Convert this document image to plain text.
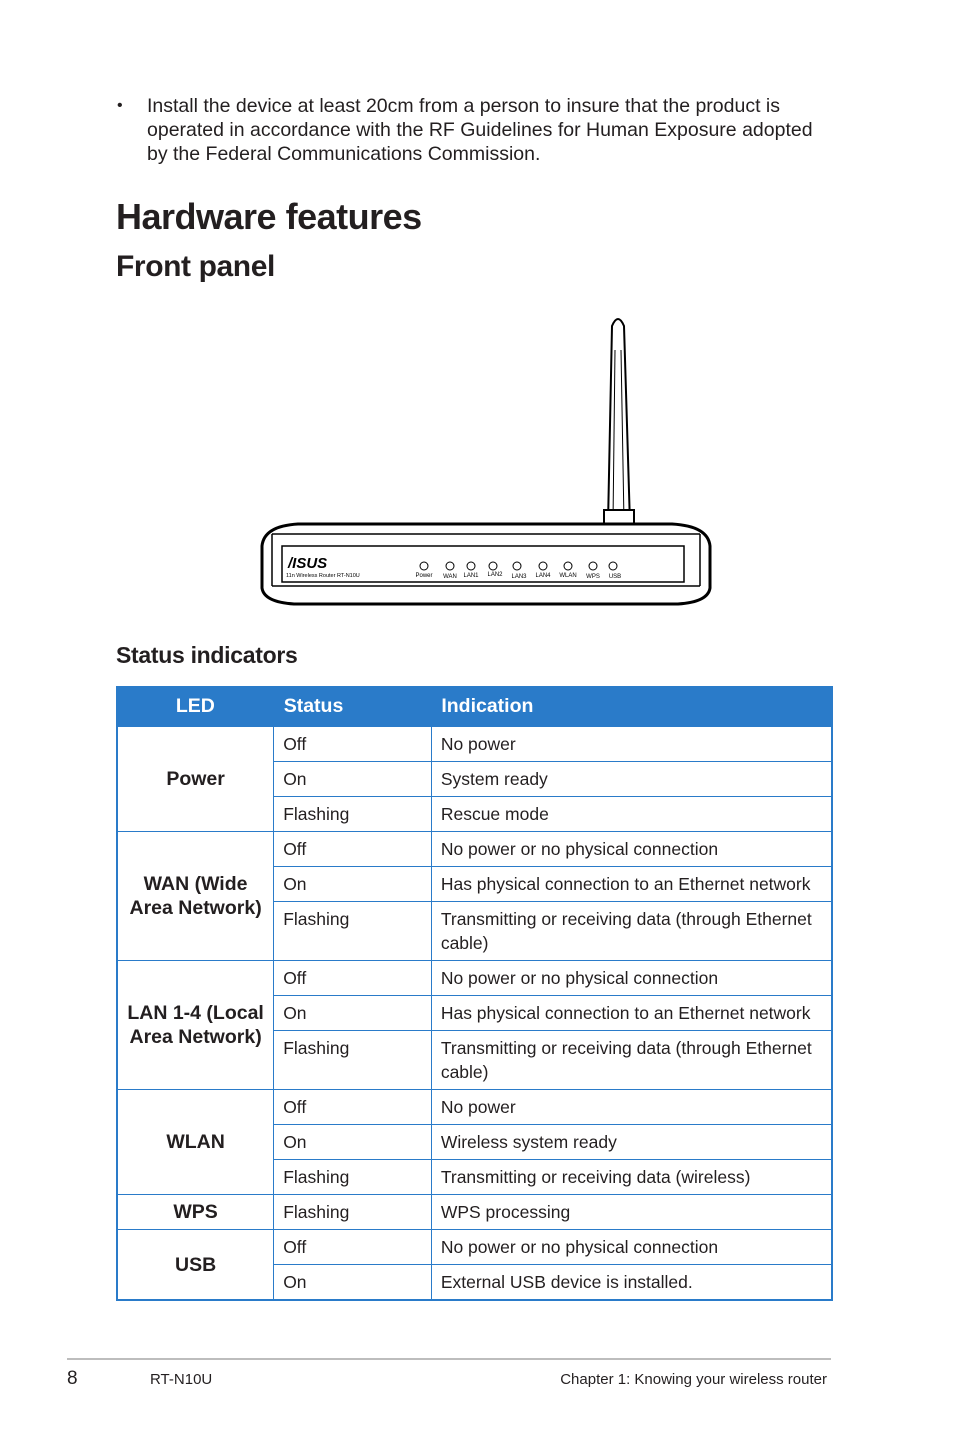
• Install the device at least 20cm from a person to insure that the product is operated in accordance with the RF Guidelines for Human Exposure adopted by the Federal Communications Commission.
Hardware features
Front panel
/ISUS
11n Wireless Router RT-N10U	Power WAN LAN1 LAN2 LAN3 LAN4 WLAN WPS USB
Status indicators
LED	Status	Indication
Power	Off	No power
	On	System ready
	Flashing	Rescue mode
WAN (Wide Area Network)	Off	No power or no physical connection
	On	Has physical connection to an Ethernet network
	Flashing	Transmitting or receiving data (through Ethernet cable)
LAN 1-4 (Local Area Network)	Off	No power or no physical connection
	On	Has physical connection to an Ethernet network
	Flashing	Transmitting or receiving data (through Ethernet cable)
WLAN	Off	No power
	On	Wireless system ready
	Flashing	Transmitting or receiving data (wireless)
WPS	Flashing	WPS processing
USB	Off	No power or no physical connection
	On	External USB device is installed.
8	RT-N10U	Chapter 1: Knowing your wireless router
